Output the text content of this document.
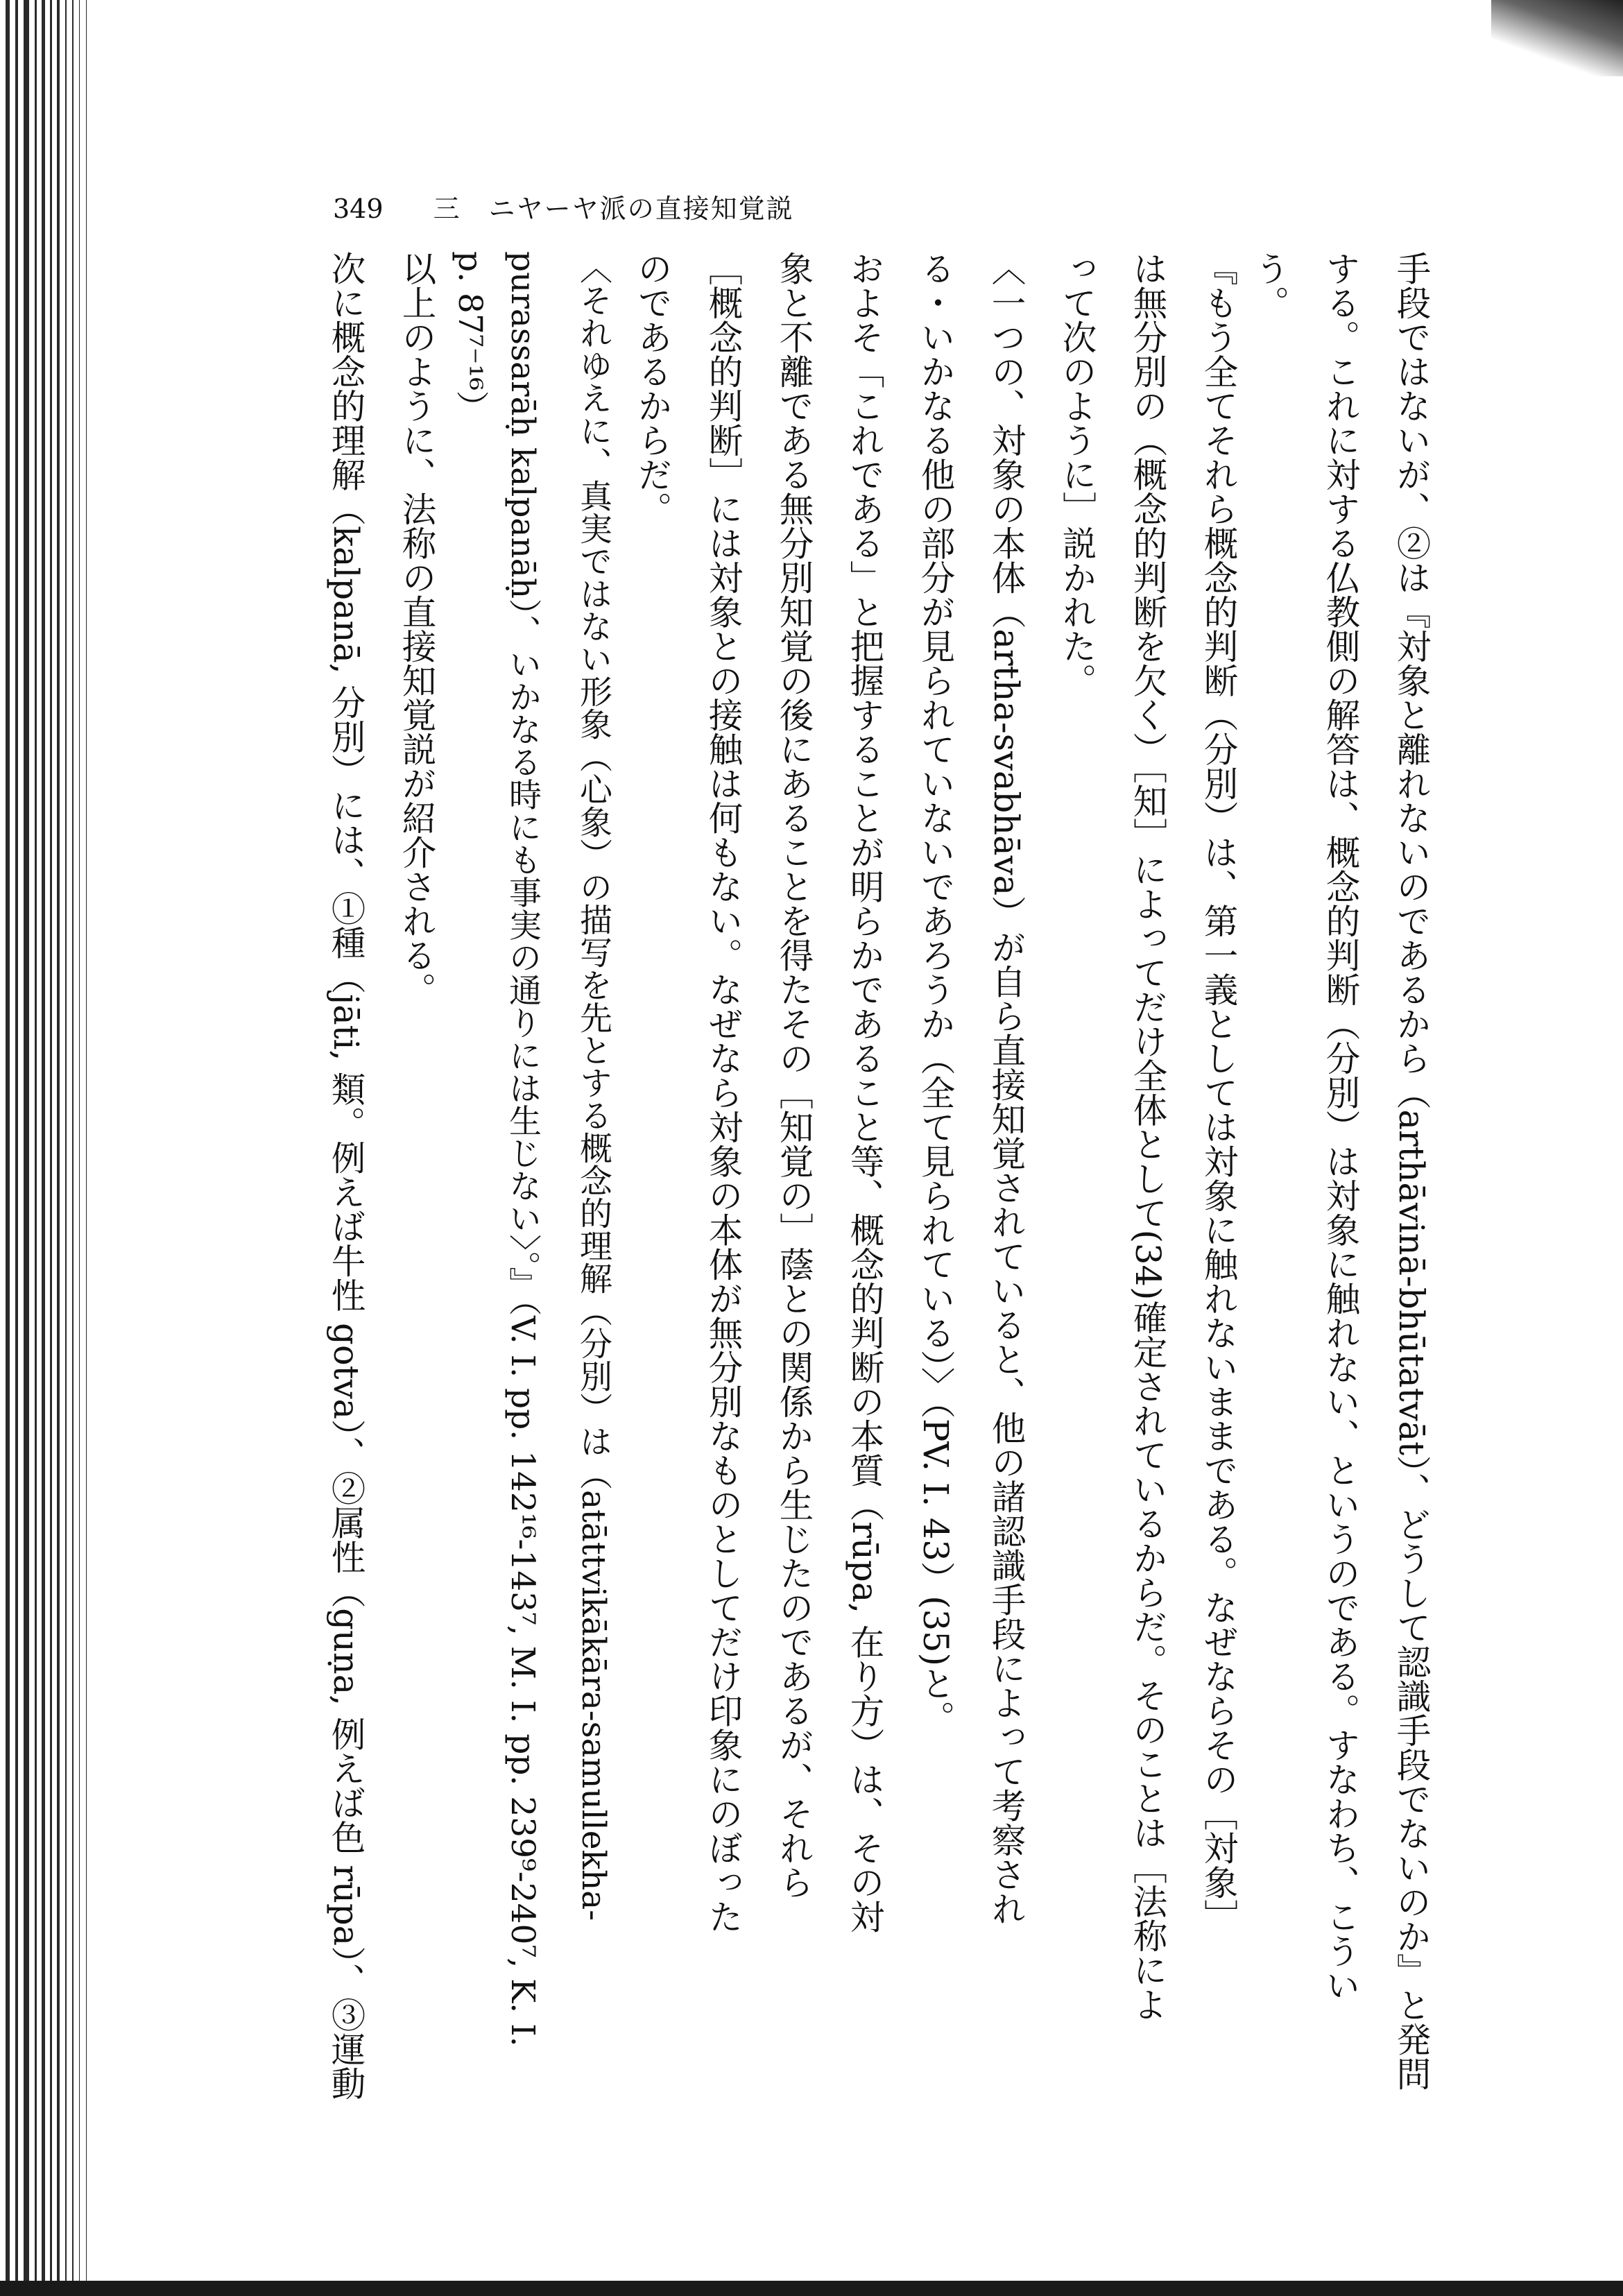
349 三　ニヤーヤ派の直接知覚説
手段ではないが、②は『対象と離れないのであるから（arthāvinā-bhūtatvāt）、どうして認識手段でないのか』と発問
する。これに対する仏教側の解答は、概念的判断（分別）は対象に触れない、というのである。すなわち、こうい
う。
『もう全てそれら概念的判断（分別）は、第一義としては対象に触れないままである。なぜならその［対象］
は無分別の（概念的判断を欠く）［知］によってだけ全体として(34)確定されているからだ。そのことは［法称によ
って次のように］説かれた。
〈一つの、対象の本体（artha-svabhāva）が自ら直接知覚されていると、他の諸認識手段によって考察され
る・いかなる他の部分が見られていないであろうか（全て見られている）〉（PV. I. 43）(35)と。
およそ「これである」と把握することが明らかであること等、概念的判断の本質（rūpa, 在り方）は、その対
象と不離である無分別知覚の後にあることを得たその［知覚の］蔭との関係から生じたのであるが、それら
［概念的判断］には対象との接触は何もない。なぜなら対象の本体が無分別なものとしてだけ印象にのぼった
のであるからだ。
〈それゆえに、真実ではない形象（心象）の描写を先とする概念的理解（分別）は（atāttvikākāra-samullekha-
purassarāḥ kalpanāḥ）、いかなる時にも事実の通りには生じない〉。』（V. I. pp. 142¹⁶-143⁷, M. I. pp. 239⁹-240⁷, K. I.
p. 87⁷⁻¹⁶）
以上のように、法称の直接知覚説が紹介される。
次に概念的理解（kalpanā, 分別）には、①種（jāti, 類。例えば牛性 gotva）、②属性（guṇa, 例えば色 rūpa）、③運動
